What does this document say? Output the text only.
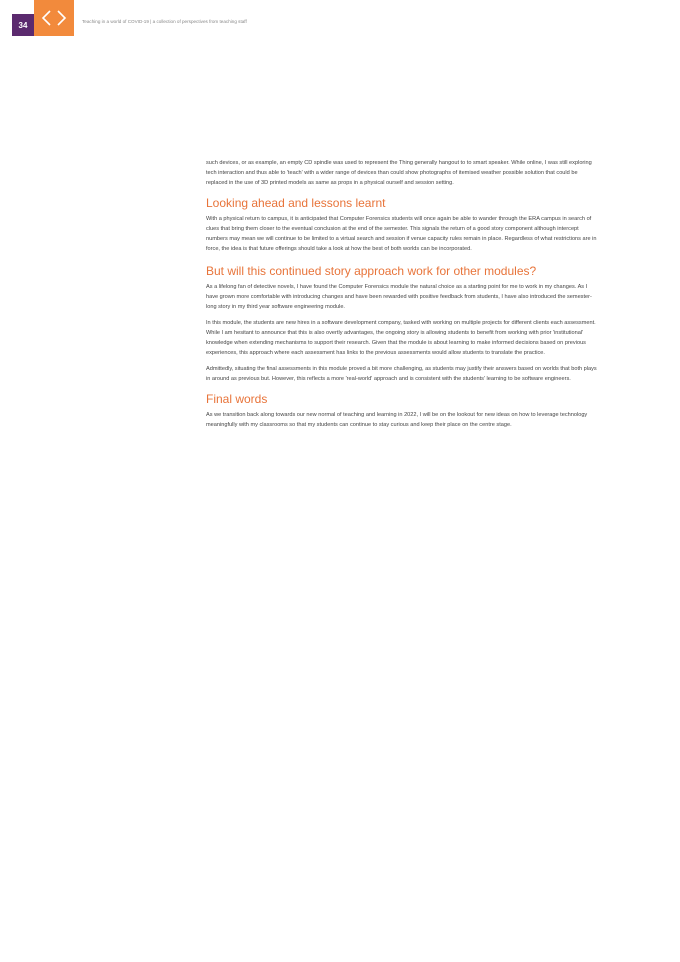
34	Teaching in a world of COVID-19 | a collection of perspectives from teaching staff

such devices, or as example, an empty CD spindle was used to represent the Thing generally hangout to to smart speaker. While online, I was still exploring tech interaction and thus able to 'teach' with a wider range of devices than could show photographs of itemised weather possible solution that could be replaced in the use of 3D printed models as same as props in a physical ourself and session setting.

Looking ahead and lessons learnt

With a physical return to campus, it is anticipated that Computer Forensics students will once again be able to wander through the ERA campus in search of clues that bring them closer to the eventual conclusion at the end of the semester. This signals the return of a good story component although intercept numbers may mean we will continue to be limited to a virtual search and session if venue capacity rules remain in place. Regardless of what restrictions are in force, the idea is that future offerings should take a look at how the best of both worlds can be incorporated.

But will this continued story approach work for other modules?

As a lifelong fan of detective novels, I have found the Computer Forensics module the natural choice as a starting point for me to work in my changes. As I have grown more comfortable with introducing changes and have been rewarded with positive feedback from students, I have also introduced the semester-long story in my third year software engineering module.

In this module, the students are new hires in a software development company, tasked with working on multiple projects for different clients each assessment. While I am hesitant to announce that this is also overtly advantages, the ongoing story is allowing students to benefit from working with prior 'institutional' knowledge when extending mechanisms to support their research. Given that the module is about learning to make informed decisions based on previous experiences, this approach where each assessment has links to the previous assessments would allow students to translate the practice.

Admittedly, situating the final assessments in this module proved a bit more challenging, as students may justify their answers based on worlds that both plays in around as previous but. However, this reflects a more 'real-world' approach and is consistent with the students' learning to be software engineers.

Final words

As we transition back along towards our new normal of teaching and learning in 2022, I will be on the lookout for new ideas on how to leverage technology meaningfully with my classrooms so that my students can continue to stay curious and keep their place on the centre stage.
